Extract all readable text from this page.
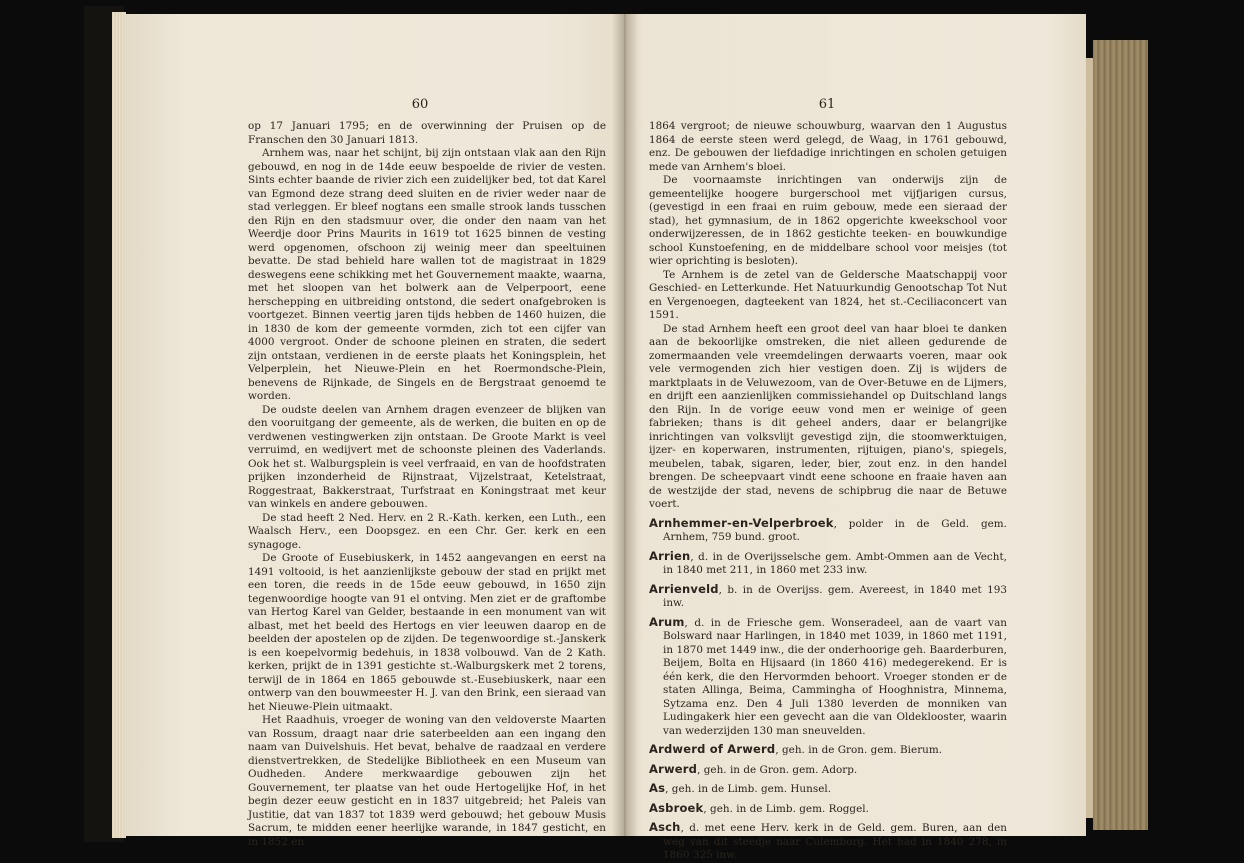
60

op 17 Januari 1795; en de overwinning der Pruisen op de Franschen den 30 Januari 1813.

Arnhem was, naar het schijnt, bij zijn ontstaan vlak aan den Rijn gebouwd, en nog in de 14de eeuw bespoelde de rivier de vesten. Sints echter baande de rivier zich een zuidelijker bed, tot dat Karel van Egmond deze strang deed sluiten en de rivier weder naar de stad verleggen. Er bleef nogtans een smalle strook lands tusschen den Rijn en den stadsmuur over, die onder den naam van het Weerdje door Prins Maurits in 1619 tot 1625 binnen de vesting werd opgenomen, ofschoon zij weinig meer dan speeltuinen bevatte. De stad behield hare wallen tot de magistraat in 1829 deswegens eene schikking met het Gouvernement maakte, waarna, met het sloopen van het bolwerk aan de Velperpoort, eene herschepping en uitbreiding ontstond, die sedert onafgebroken is voortgezet. Binnen veertig jaren tijds hebben de 1460 huizen, die in 1830 de kom der gemeente vormden, zich tot een cijfer van 4000 vergroot. Onder de schoone pleinen en straten, die sedert zijn ontstaan, verdienen in de eerste plaats het Koningsplein, het Velperplein, het Nieuwe-Plein en het Roermondsche-Plein, benevens de Rijnkade, de Singels en de Bergstraat genoemd te worden.

De oudste deelen van Arnhem dragen evenzeer de blijken van den vooruitgang der gemeente, als de werken, die buiten en op de verdwenen vestingwerken zijn ontstaan. De Groote Markt is veel verruimd, en wedijvert met de schoonste pleinen des Vaderlands. Ook het st. Walburgsplein is veel verfraaid, en van de hoofdstraten prijken inzonderheid de Rijnstraat, Vijzelstraat, Ketelstraat, Roggestraat, Bakkerstraat, Turfstraat en Koningstraat met keur van winkels en andere gebouwen.

De stad heeft 2 Ned. Herv. en 2 R.-Kath. kerken, een Luth., een Waalsch Herv., een Doopsgez. en een Chr. Ger. kerk en een synagoge.

De Groote of Eusebiuskerk, in 1452 aangevangen en eerst na 1491 voltooid, is het aanzienlijkste gebouw der stad en prijkt met een toren, die reeds in de 15de eeuw gebouwd, in 1650 zijn tegenwoordige hoogte van 91 el ontving. Men ziet er de graftombe van Hertog Karel van Gelder, bestaande in een monument van wit albast, met het beeld des Hertogs en vier leeuwen daarop en de beelden der apostelen op de zijden. De tegenwoordige st.-Janskerk is een koepelvormig bedehuis, in 1838 volbouwd. Van de 2 Kath. kerken, prijkt de in 1391 gestichte st.-Walburgskerk met 2 torens, terwijl de in 1864 en 1865 gebouwde st.-Eusebiuskerk, naar een ontwerp van den bouwmeester H. J. van den Brink, een sieraad van het Nieuwe-Plein uitmaakt.

Het Raadhuis, vroeger de woning van den veldoverste Maarten van Rossum, draagt naar drie saterbeelden aan een ingang den naam van Duivelshuis. Het bevat, behalve de raadzaal en verdere dienstvertrekken, de Stedelijke Bibliotheek en een Museum van Oudheden. Andere merkwaardige gebouwen zijn het Gouvernement, ter plaatse van het oude Hertogelijke Hof, in het begin dezer eeuw gesticht en in 1837 uitgebreid; het Paleis van Justitie, dat van 1837 tot 1839 werd gebouwd; het gebouw Musis Sacrum, te midden eener heerlijke warande, in 1847 gesticht, en in 1852 en

61

1864 vergroot; de nieuwe schouwburg, waarvan den 1 Augustus 1864 de eerste steen werd gelegd, de Waag, in 1761 gebouwd, enz. De gebouwen der liefdadige inrichtingen en scholen getuigen mede van Arnhem's bloei.

De voornaamste inrichtingen van onderwijs zijn de gemeentelijke hoogere burgerschool met vijfjarigen cursus, (gevestigd in een fraai en ruim gebouw, mede een sieraad der stad), het gymnasium, de in 1862 opgerichte kweekschool voor onderwijzeressen, de in 1862 gestichte teeken- en bouwkundige school Kunstoefening, en de middelbare school voor meisjes (tot wier oprichting is besloten).

Te Arnhem is de zetel van de Geldersche Maatschappij voor Geschied- en Letterkunde. Het Natuurkundig Genootschap Tot Nut en Vergenoegen, dagteekent van 1824, het st.-Ceciliaconcert van 1591.

De stad Arnhem heeft een groot deel van haar bloei te danken aan de bekoorlijke omstreken, die niet alleen gedurende de zomermaanden vele vreemdelingen derwaarts voeren, maar ook vele vermogenden zich hier vestigen doen. Zij is wijders de marktplaats in de Veluwezoom, van de Over-Betuwe en de Lijmers, en drijft een aanzienlijken commissiehandel op Duitschland langs den Rijn. In de vorige eeuw vond men er weinige of geen fabrieken; thans is dit geheel anders, daar er belangrijke inrichtingen van volksvlijt gevestigd zijn, die stoomwerktuigen, ijzer- en koperwaren, instrumenten, rijtuigen, piano's, spiegels, meubelen, tabak, sigaren, leder, bier, zout enz. in den handel brengen. De scheepvaart vindt eene schoone en fraaie haven aan de westzijde der stad, nevens de schipbrug die naar de Betuwe voert.

Arnhemmer-en-Velperbroek, polder in de Geld. gem. Arnhem, 759 bund. groot.

Arrien, d. in de Overijsselsche gem. Ambt-Ommen aan de Vecht, in 1840 met 211, in 1860 met 233 inw.

Arrienveld, b. in de Overijss. gem. Avereest, in 1840 met 193 inw.

Arum, d. in de Friesche gem. Wonseradeel, aan de vaart van Bolsward naar Harlingen, in 1840 met 1039, in 1860 met 1191, in 1870 met 1449 inw., die der onderhoorige geh. Baarderburen, Beijem, Bolta en Hijsaard (in 1860 416) medegerekend. Er is één kerk, die den Hervormden behoort. Vroeger stonden er de staten Allinga, Beima, Cammingha of Hooghnistra, Minnema, Sytzama enz. Den 4 Juli 1380 leverden de monniken van Ludingakerk hier een gevecht aan die van Oldeklooster, waarin van wederzijden 130 man sneuvelden.

Ardwerd of Arwerd, geh. in de Gron. gem. Bierum.

Arwerd, geh. in de Gron. gem. Adorp.

As, geh. in de Limb. gem. Hunsel.

Asbroek, geh. in de Limb. gem. Roggel.

Asch, d. met eene Herv. kerk in de Geld. gem. Buren, aan den weg van dit steedje naar Culemborg. Het had in 1840 278, in 1860 325 inw.
